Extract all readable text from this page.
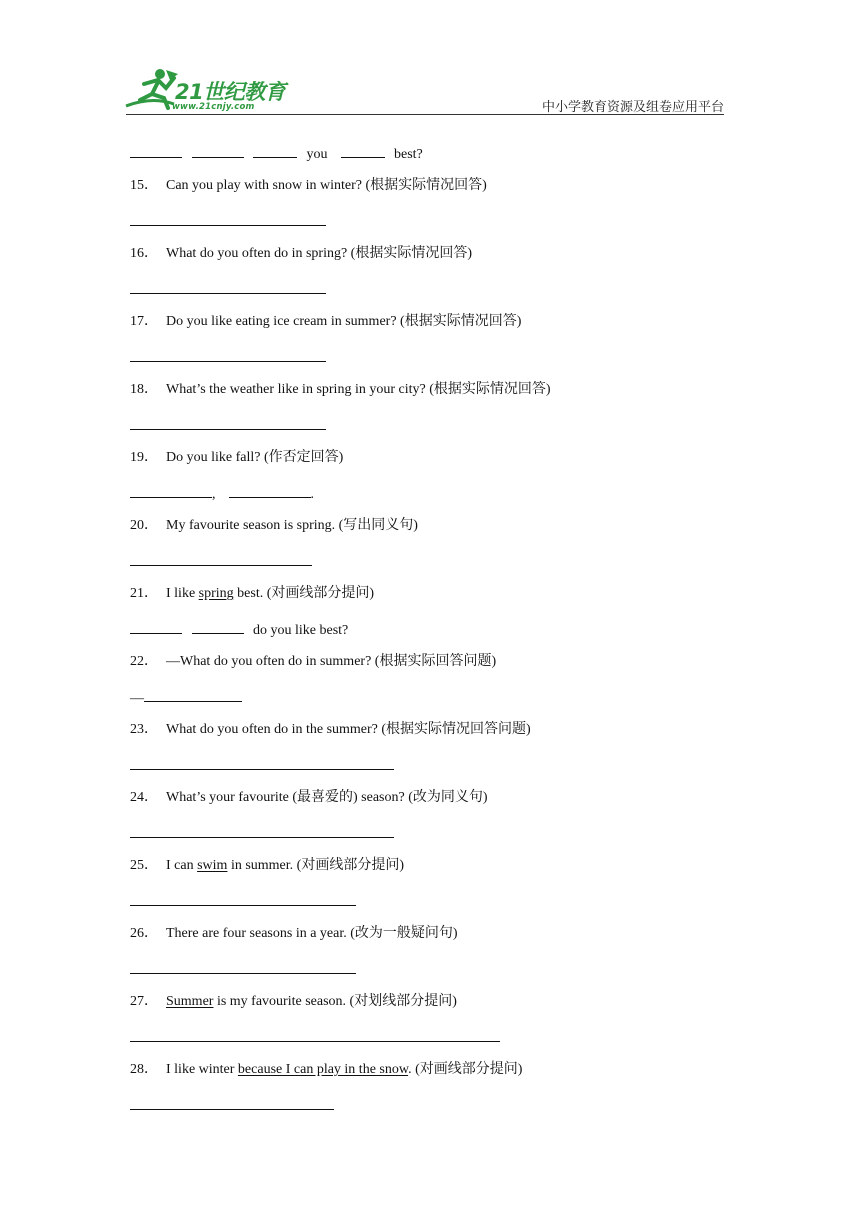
21世纪教育
www.21cnjy.com	中小学教育资源及组卷应用平台
you	best?
15． Can you play with snow in winter? (根据实际情况回答)
16． What do you often do in spring? (根据实际情况回答)
17． Do you like eating ice cream in summer? (根据实际情况回答)
18． What’s the weather like in spring in your city? (根据实际情况回答)
19． Do you like fall? (作否定回答)
,	.
20． My favourite season is spring. (写出同义句)
21． I like spring best. (对画线部分提问)
do you like best?
22． —What do you often do in summer? (根据实际回答问题)
—
23． What do you often do in the summer? (根据实际情况回答问题)
24． What’s your favourite (最喜爱的) season? (改为同义句)
25． I can swim in summer. (对画线部分提问)
26． There are four seasons in a year. (改为一般疑问句)
27． Summer is my favourite season. (对划线部分提问)
28． I like winter because I can play in the snow. (对画线部分提问)
